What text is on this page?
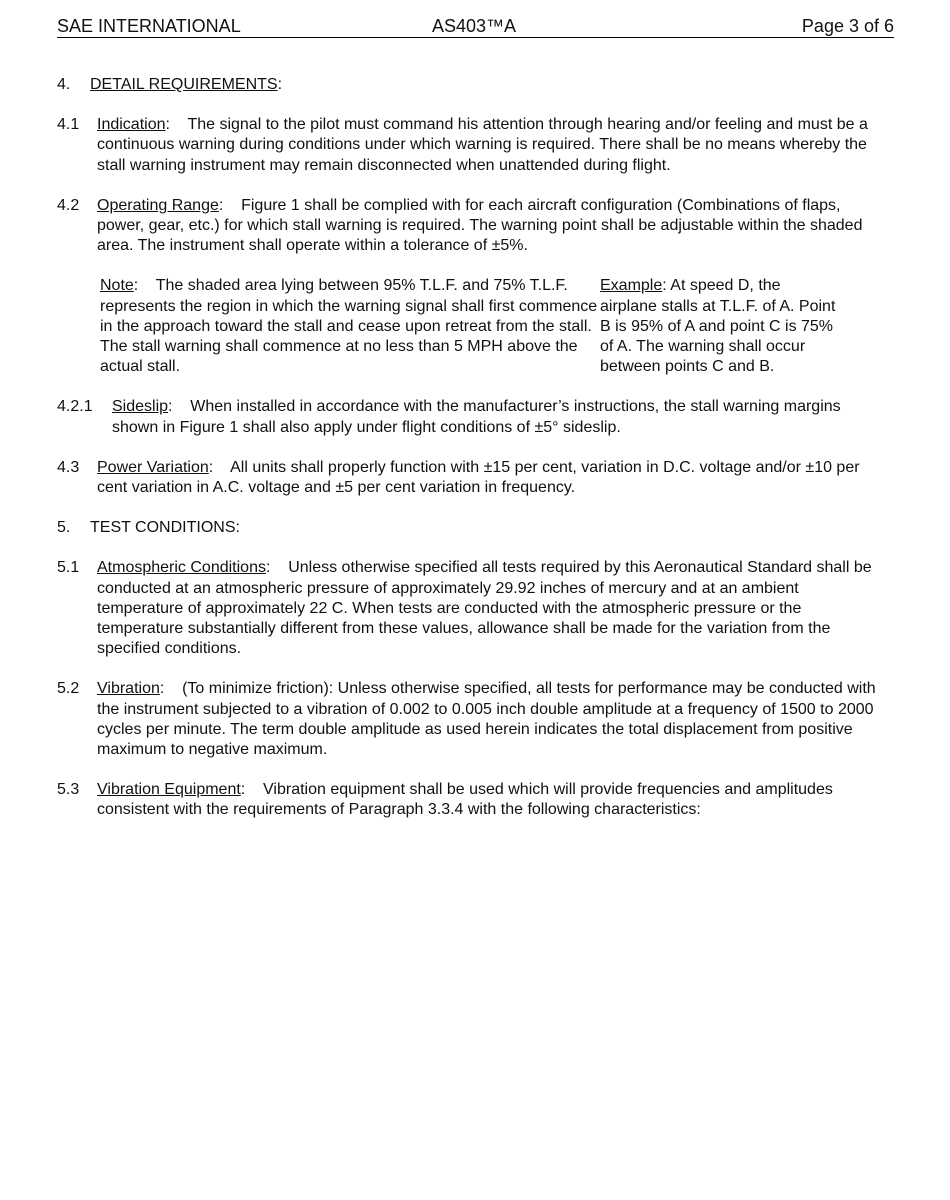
SAE INTERNATIONAL	AS403™A	Page 3 of 6
4. DETAIL REQUIREMENTS:
4.1 Indication:    The signal to the pilot must command his attention through hearing and/or feeling and must be a continuous warning during conditions under which warning is required. There shall be no means whereby the stall warning instrument may remain disconnected when unattended during flight.
4.2 Operating Range:    Figure 1 shall be complied with for each aircraft configuration (Combinations of flaps, power, gear, etc.) for which stall warning is required. The warning point shall be adjustable within the shaded area. The instrument shall operate within a tolerance of ±5%.
Note:    The shaded area lying between 95% T.L.F. and 75% T.L.F. represents the region in which the warning signal shall first commence in the approach toward the stall and cease upon retreat from the stall. The stall warning shall commence at no less than 5 MPH above the actual stall.
Example: At speed D, the airplane stalls at T.L.F. of A. Point B is 95% of A and point C is 75% of A. The warning shall occur between points C and B.
4.2.1 Sideslip:    When installed in accordance with the manufacturer’s instructions, the stall warning margins shown in Figure 1 shall also apply under flight conditions of ±5° sideslip.
4.3 Power Variation:    All units shall properly function with ±15 per cent, variation in D.C. voltage and/or ±10 per cent variation in A.C. voltage and ±5 per cent variation in frequency.
5. TEST CONDITIONS:
5.1 Atmospheric Conditions:    Unless otherwise specified all tests required by this Aeronautical Standard shall be conducted at an atmospheric pressure of approximately 29.92 inches of mercury and at an ambient temperature of approximately 22 C. When tests are conducted with the atmospheric pressure or the temperature substantially different from these values, allowance shall be made for the variation from the specified conditions.
5.2 Vibration:    (To minimize friction): Unless otherwise specified, all tests for performance may be conducted with the instrument subjected to a vibration of 0.002 to 0.005 inch double amplitude at a frequency of 1500 to 2000 cycles per minute. The term double amplitude as used herein indicates the total displacement from positive maximum to negative maximum.
5.3 Vibration Equipment:    Vibration equipment shall be used which will provide frequencies and amplitudes consistent with the requirements of Paragraph 3.3.4 with the following characteristics:
